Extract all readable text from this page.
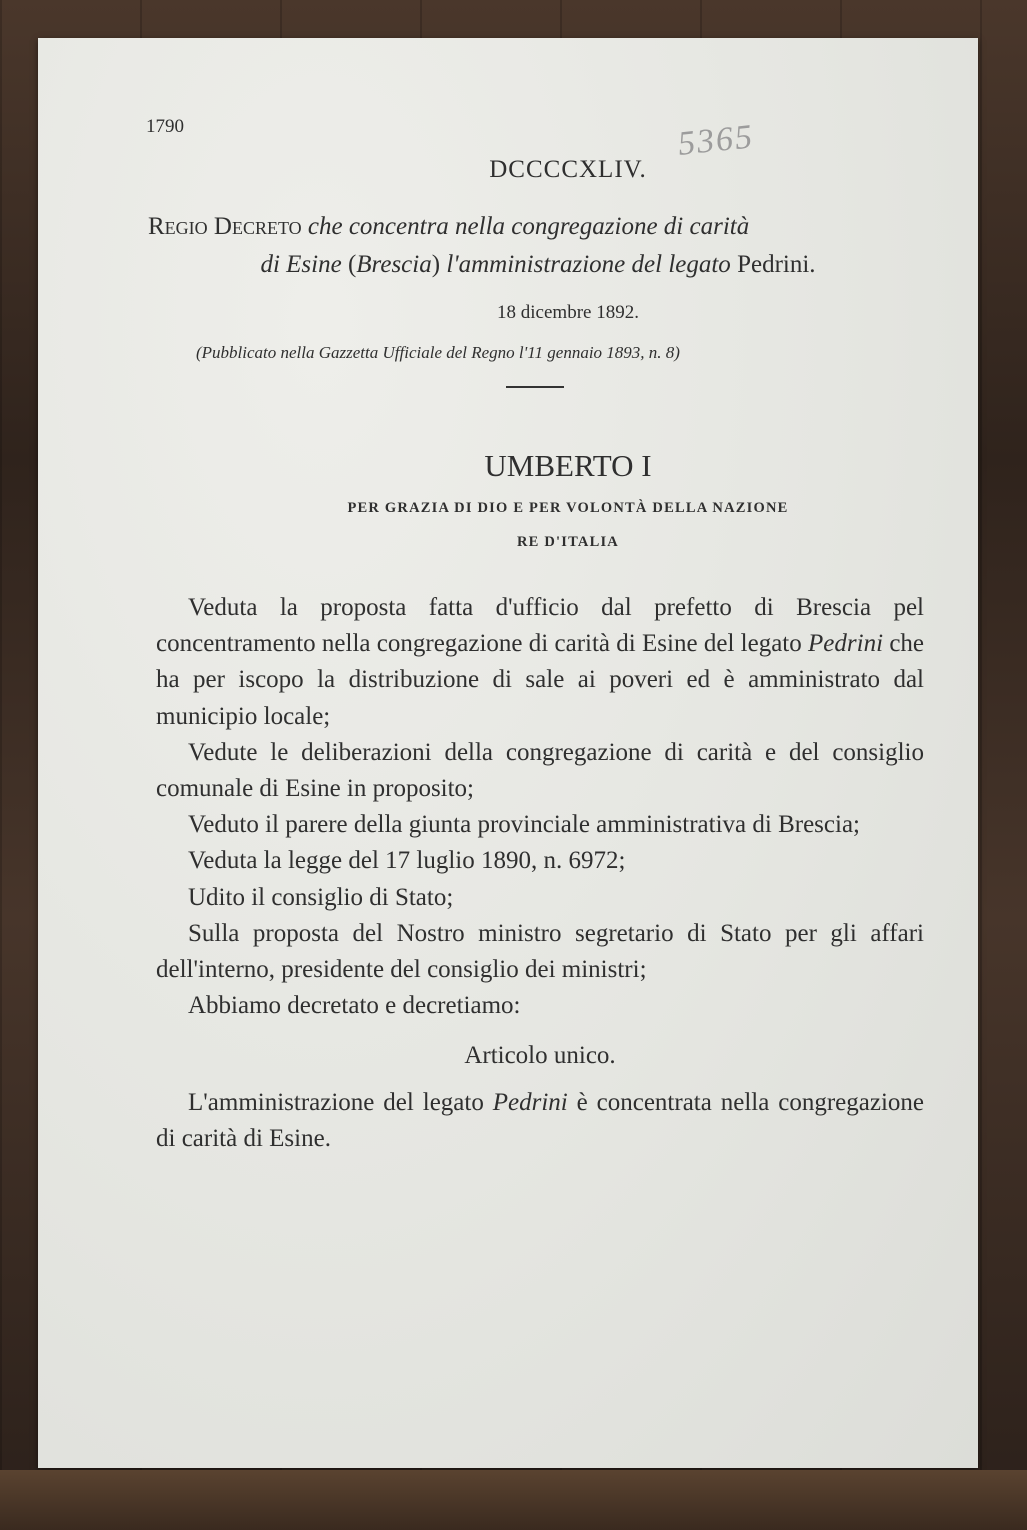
1790	5365
DCCCCXLIV.
Regio Decreto che concentra nella congregazione di carità
di Esine (Brescia) l'amministrazione del legato Pedrini.
18 dicembre 1892.
(Pubblicato nella Gazzetta Ufficiale del Regno l'11 gennaio 1893, n. 8)
UMBERTO I
PER GRAZIA DI DIO E PER VOLONTÀ DELLA NAZIONE
RE D'ITALIA

Veduta la proposta fatta d'ufficio dal prefetto di Brescia pel concentramento nella congregazione di carità di Esine del legato Pedrini che ha per iscopo la distribuzione di sale ai poveri ed è amministrato dal municipio locale;

Vedute le deliberazioni della congregazione di carità e del consiglio comunale di Esine in proposito;

Veduto il parere della giunta provinciale amministrativa di Brescia;

Veduta la legge del 17 luglio 1890, n. 6972;

Udito il consiglio di Stato;

Sulla proposta del Nostro ministro segretario di Stato per gli affari dell'interno, presidente del consiglio dei ministri;

Abbiamo decretato e decretiamo:

Articolo unico.

L'amministrazione del legato Pedrini è concentrata nella congregazione di carità di Esine.
